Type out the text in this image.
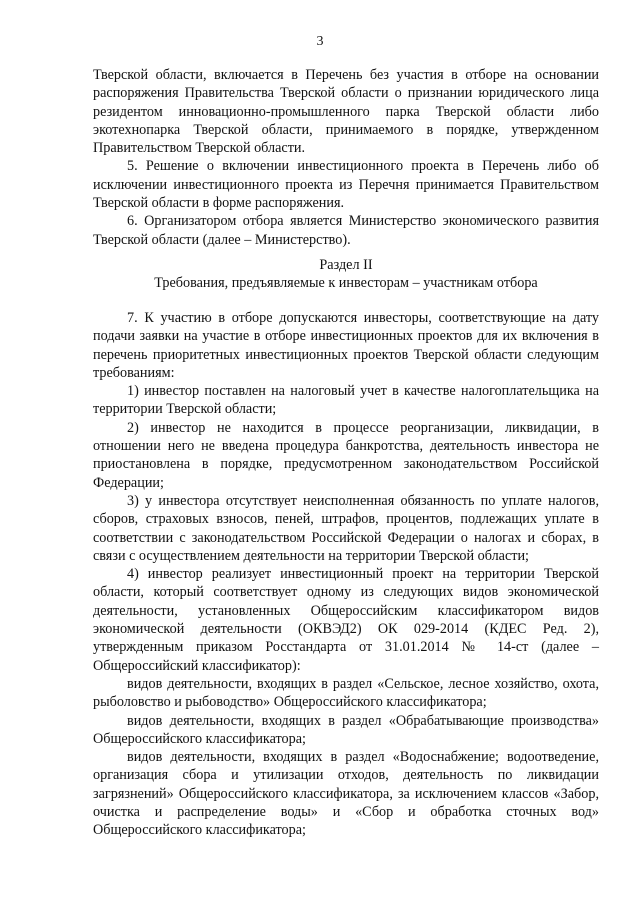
3

Тверской области, включается в Перечень без участия в отборе на основании распоряжения Правительства Тверской области о признании юридического лица резидентом инновационно-промышленного парка Тверской области либо экотехнопарка Тверской области, принимаемого в порядке, утвержденном Правительством Тверской области.

5. Решение о включении инвестиционного проекта в Перечень либо об исключении инвестиционного проекта из Перечня принимается Правительством Тверской области в форме распоряжения.

6. Организатором отбора является Министерство экономического развития Тверской области (далее – Министерство).

Раздел II
Требования, предъявляемые к инвесторам – участникам отбора

7. К участию в отборе допускаются инвесторы, соответствующие на дату подачи заявки на участие в отборе инвестиционных проектов для их включения в перечень приоритетных инвестиционных проектов Тверской области следующим требованиям:

1) инвестор поставлен на налоговый учет в качестве налогоплательщика на территории Тверской области;

2) инвестор не находится в процессе реорганизации, ликвидации, в отношении него не введена процедура банкротства, деятельность инвестора не приостановлена в порядке, предусмотренном законодательством Российской Федерации;

3) у инвестора отсутствует неисполненная обязанность по уплате налогов, сборов, страховых взносов, пеней, штрафов, процентов, подлежащих уплате в соответствии с законодательством Российской Федерации о налогах и сборах, в связи с осуществлением деятельности на территории Тверской области;

4) инвестор реализует инвестиционный проект на территории Тверской области, который соответствует одному из следующих видов экономической деятельности, установленных Общероссийским классификатором видов экономической деятельности (ОКВЭД2) ОК 029-2014 (КДЕС Ред. 2), утвержденным приказом Росстандарта от 31.01.2014 № 14-ст (далее – Общероссийский классификатор):

видов деятельности, входящих в раздел «Сельское, лесное хозяйство, охота, рыболовство и рыбоводство» Общероссийского классификатора;

видов деятельности, входящих в раздел «Обрабатывающие производства» Общероссийского классификатора;

видов деятельности, входящих в раздел «Водоснабжение; водоотведение, организация сбора и утилизации отходов, деятельность по ликвидации загрязнений» Общероссийского классификатора, за исключением классов «Забор, очистка и распределение воды» и «Сбор и обработка сточных вод» Общероссийского классификатора;
